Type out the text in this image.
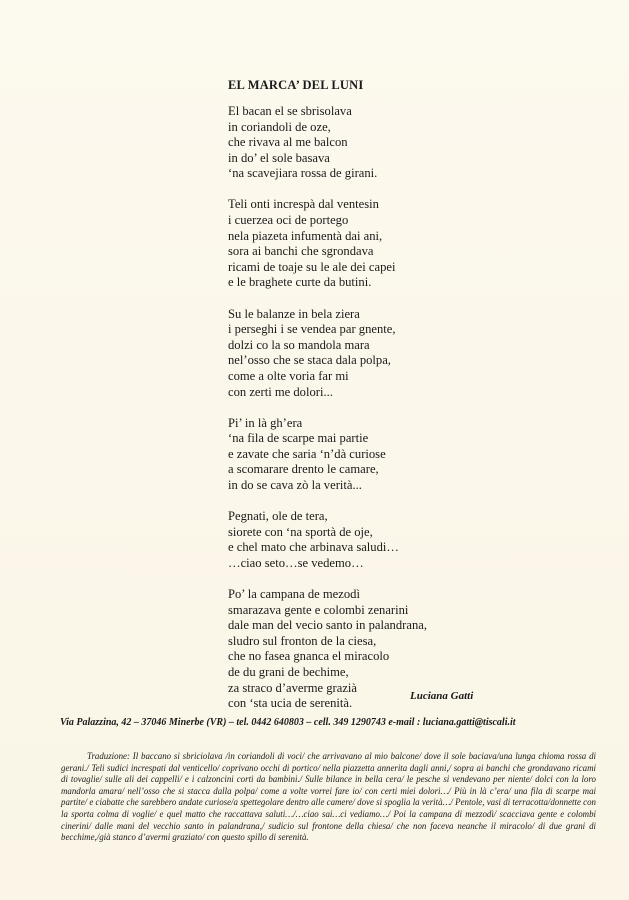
EL MARCA’ DEL LUNI
El bacan el se sbrisolava
in coriandoli de oze,
che rivava al me balcon
in do’ el sole basava
‘na scavejiara rossa de girani.
Teli onti increspà dal ventesin
i cuerzea oci de portego
nela piazeta infumentà dai ani,
sora ai banchi che sgrondava
ricami de toaje su le ale dei capei
e le braghete curte da butini.
Su le balanze in bela ziera
i perseghi i se vendea par gnente,
dolzi co la so mandola mara
nel’osso che se staca dala polpa,
come a olte voria far mi
con zerti me dolori...
Pi’ in là gh’era
‘na fila de scarpe mai partie
e zavate che saria ‘n’dà curiose
a scomarare drento le camare,
in do se cava zò la verità...
Pegnati, ole de tera,
siorete con ‘na sportà de oje,
e chel mato che arbinava saludi…
…ciao seto…se vedemo…
Po’ la campana de mezodì
smarazava gente e colombi zenarini
dale man del vecio santo in palandrana,
sludro sul fronton de la ciesa,
che no fasea gnanca el miracolo
de du grani de bechime,
za straco d’averme grazià
con ‘sta ucia de serenità.
Luciana Gatti
Via Palazzina, 42 – 37046 Minerbe (VR) – tel. 0442 640803 – cell. 349 1290743 e-mail : luciana.gatti@tiscali.it
Traduzione: Il baccano si sbriciolava /in coriandoli di voci/ che arrivavano al mio balcone/ dove il sole baciava/una lunga chioma rossa di gerani./ Teli sudici increspati dal venticello/ coprivano occhi di portico/ nella piazzetta annerita dagli anni,/ sopra ai banchi che grondavano ricami di tovaglie/ sulle ali dei cappelli/ e i calzoncini corti da bambini./ Sulle bilance in bella cera/ le pesche si vendevano per niente/ dolci con la loro mandorla amara/ nell’osso che si stacca dalla polpa/ come a volte vorrei fare io/ con certi miei dolori…/ Più in là c’era/ una fila di scarpe mai partite/ e ciabatte che sarebbero andate curiose/a spettegolare dentro alle camere/ dove si spoglia la verità…/ Pentole, vasi di terracotta/donnette con la sporta colma di voglie/ e quel matto che raccattava saluti…/…ciao sai…ci vediamo…/ Poi la campana di mezzodì/ scacciava gente e colombi cinerini/ dalle mani del vecchio santo in palandrana,/ sudicio sul frontone della chiesa/ che non faceva neanche il miracolo/ di due grani di becchime,/già stanco d’avermi graziato/ con questo spillo di serenità.
